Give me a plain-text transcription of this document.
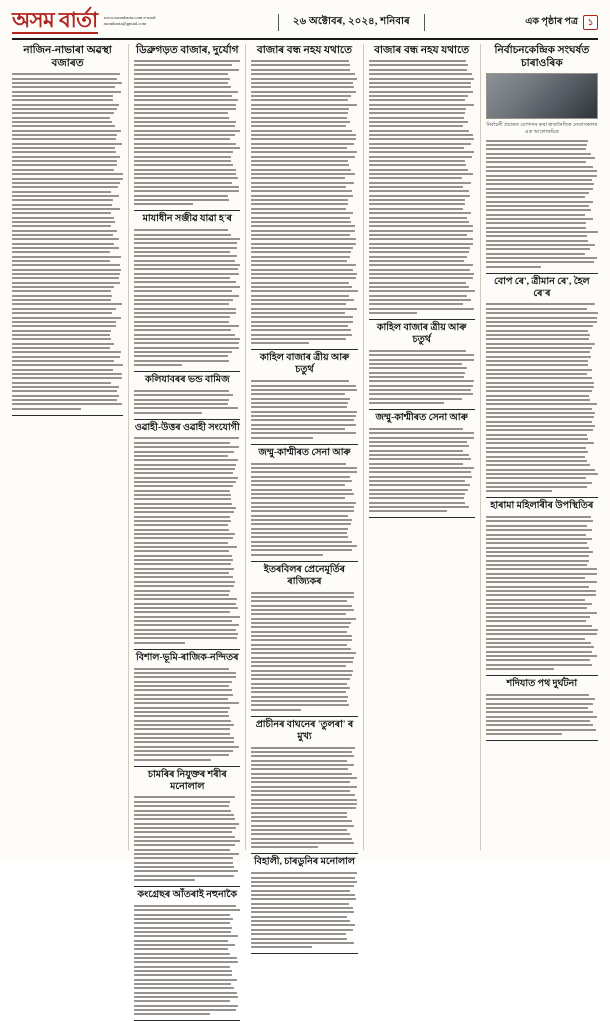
অসম বাৰ্তা www.asombarta.com e-mail: asombarta@gmail.com	২৬ অক্টোবৰ, ২০২৪, শনিবাৰ	এক পৃষ্ঠাৰ পত্ৰ	১
নাজিন-নাভাৰা অৱস্থা বজাৰত
ডিব্ৰুগড়ত বাজাৰ, দুৰ্যোগ
মাযাধীন সঞ্জীৱ যাৱা হ'ৰ
কলিযাবৰৰ ভন্ড বামিজ
ওৱাহী-উত্তৰ ওৱাহী সংযোগী
বিশাল-ভূমি-ৰাজিক-নন্দিতৰ
চামৰিৰ নিযুক্তৰ শৰীৰ মনোলাল
কংগ্ৰেছৰ আঁতৰাই নহুনাকৈ
বাজাৰ বন্ধ নহয যথাতে
কাহিল বাজাৰ ত্ৰীয় আৰু চতুৰ্থ
জম্মু-কাশ্মীৰত সেনা আৰু
ইতৰবিলৰ প্ৰেনেমূৰ্তিৰ ৰাজ্যিকৰ
প্ৰাচীনৰ বাঘনেৰ 'তুলৰা' ৰ মুখ্য
বিহালী, চাৰডুনিৰ মনোলাল
বাজাৰ বন্ধ নহয যথাতে
কাহিল বাজাৰ ত্ৰীয় আৰু চতুৰ্থ
জম্মু-কাশ্মীৰত সেনা আৰু
নিৰ্বাচনকেন্দ্ৰিক সংঘৰ্ষত চাৰাওৰিক
নিৰ্বাচনী প্ৰচাৰত যোগদান কৰা ৰাজনৈতিক নেতাসকলৰ এক আলোকচিত্ৰ
বোপ ৰে', ত্ৰীমান ৰে', হৈল ৰে'ৰ
হাৰামা মহিলাৰীৰ উপস্থিতিৰ
শদিযাত পথ দুৰ্ঘটনা
